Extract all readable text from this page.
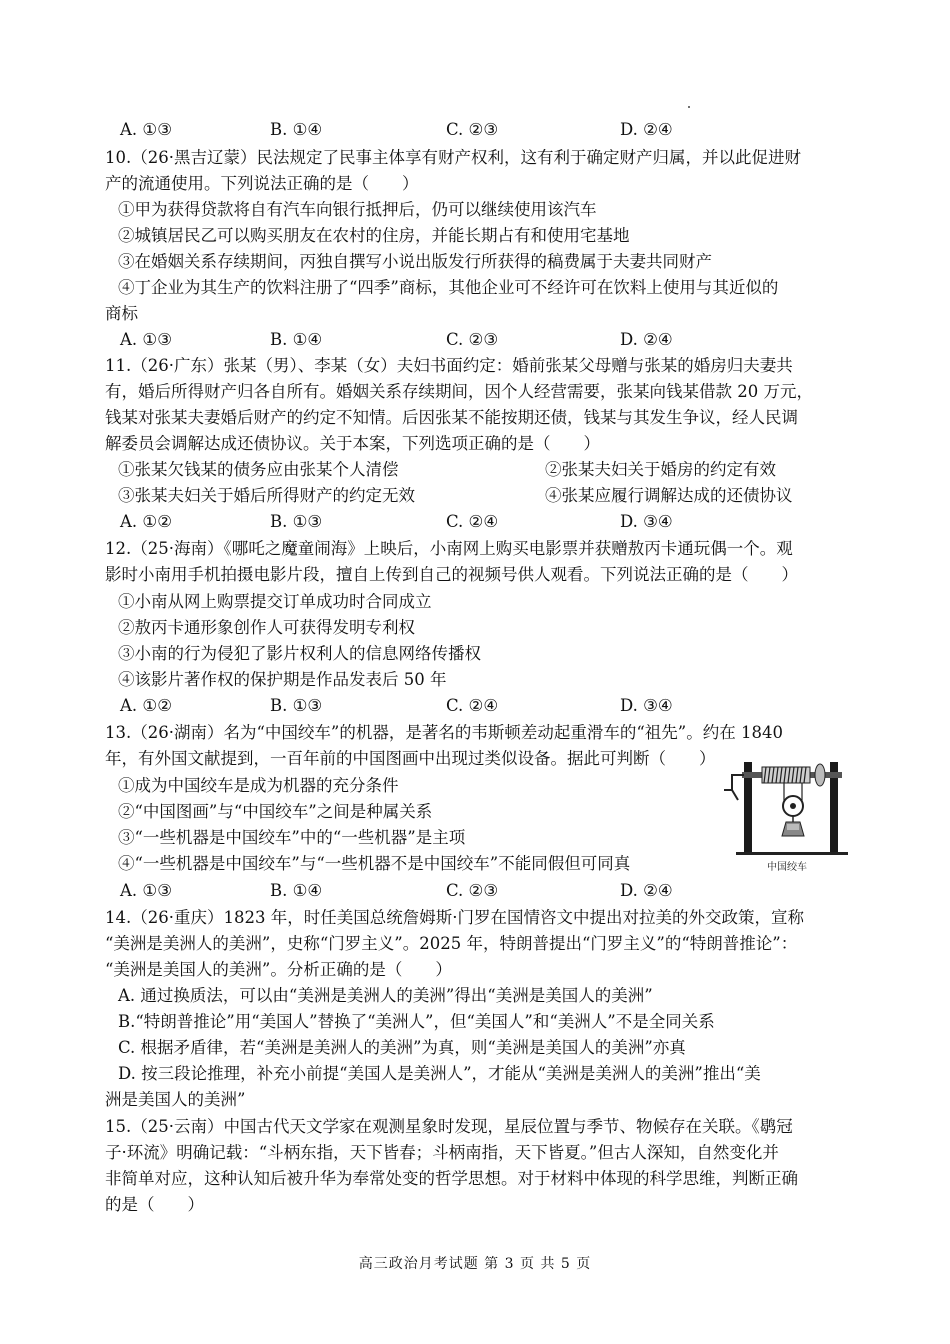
A. ①③	B. ①④	C. ②③	D. ②④
10.（26·黑吉辽蒙）民法规定了民事主体享有财产权利，这有利于确定财产归属，并以此促进财
产的流通使用。下列说法正确的是（　　）
①甲为获得贷款将自有汽车向银行抵押后，仍可以继续使用该汽车
②城镇居民乙可以购买朋友在农村的住房，并能长期占有和使用宅基地
③在婚姻关系存续期间，丙独自撰写小说出版发行所获得的稿费属于夫妻共同财产
④丁企业为其生产的饮料注册了“四季”商标，其他企业可不经许可在饮料上使用与其近似的
商标
A. ①③	B. ①④	C. ②③	D. ②④
11.（26·广东）张某（男）、李某（女）夫妇书面约定：婚前张某父母赠与张某的婚房归夫妻共
有，婚后所得财产归各自所有。婚姻关系存续期间，因个人经营需要，张某向钱某借款 20 万元，
钱某对张某夫妻婚后财产的约定不知情。后因张某不能按期还债，钱某与其发生争议，经人民调
解委员会调解达成还债协议。关于本案，下列选项正确的是（　　）
①张某欠钱某的债务应由张某个人清偿	②张某夫妇关于婚房的约定有效
③张某夫妇关于婚后所得财产的约定无效	④张某应履行调解达成的还债协议
A. ①②	B. ①③	C. ②④	D. ③④
12.（25·海南）《哪吒之魔童闹海》上映后，小南网上购买电影票并获赠敖丙卡通玩偶一个。观
影时小南用手机拍摄电影片段，擅自上传到自己的视频号供人观看。下列说法正确的是（　　）
①小南从网上购票提交订单成功时合同成立
②敖丙卡通形象创作人可获得发明专利权
③小南的行为侵犯了影片权利人的信息网络传播权
④该影片著作权的保护期是作品发表后 50 年
A. ①②	B. ①③	C. ②④	D. ③④
13.（26·湖南）名为“中国绞车”的机器，是著名的韦斯顿差动起重滑车的“祖先”。约在 1840
年，有外国文献提到，一百年前的中国图画中出现过类似设备。据此可判断（　　）
①成为中国绞车是成为机器的充分条件
②“中国图画”与“中国绞车”之间是种属关系
③“一些机器是中国绞车”中的“一些机器”是主项
④“一些机器是中国绞车”与“一些机器不是中国绞车”不能同假但可同真
A. ①③	B. ①④	C. ②③	D. ②④
中国绞车
14.（26·重庆）1823 年，时任美国总统詹姆斯·门罗在国情咨文中提出对拉美的外交政策，宣称
“美洲是美洲人的美洲”，史称“门罗主义”。2025 年，特朗普提出“门罗主义”的“特朗普推论”：
“美洲是美国人的美洲”。分析正确的是（　　）
A. 通过换质法，可以由“美洲是美洲人的美洲”得出“美洲是美国人的美洲”
B.“特朗普推论”用“美国人”替换了“美洲人”，但“美国人”和“美洲人”不是全同关系
C. 根据矛盾律，若“美洲是美洲人的美洲”为真，则“美洲是美国人的美洲”亦真
D. 按三段论推理，补充小前提“美国人是美洲人”，才能从“美洲是美洲人的美洲”推出“美
洲是美国人的美洲”
15.（25·云南）中国古代天文学家在观测星象时发现，星辰位置与季节、物候存在关联。《鹖冠
子·环流》明确记载：“斗柄东指，天下皆春；斗柄南指，天下皆夏。”但古人深知，自然变化并
非简单对应，这种认知后被升华为奉常处变的哲学思想。对于材料中体现的科学思维，判断正确
的是（　　）
高三政治月考试题 第 3 页 共 5 页
